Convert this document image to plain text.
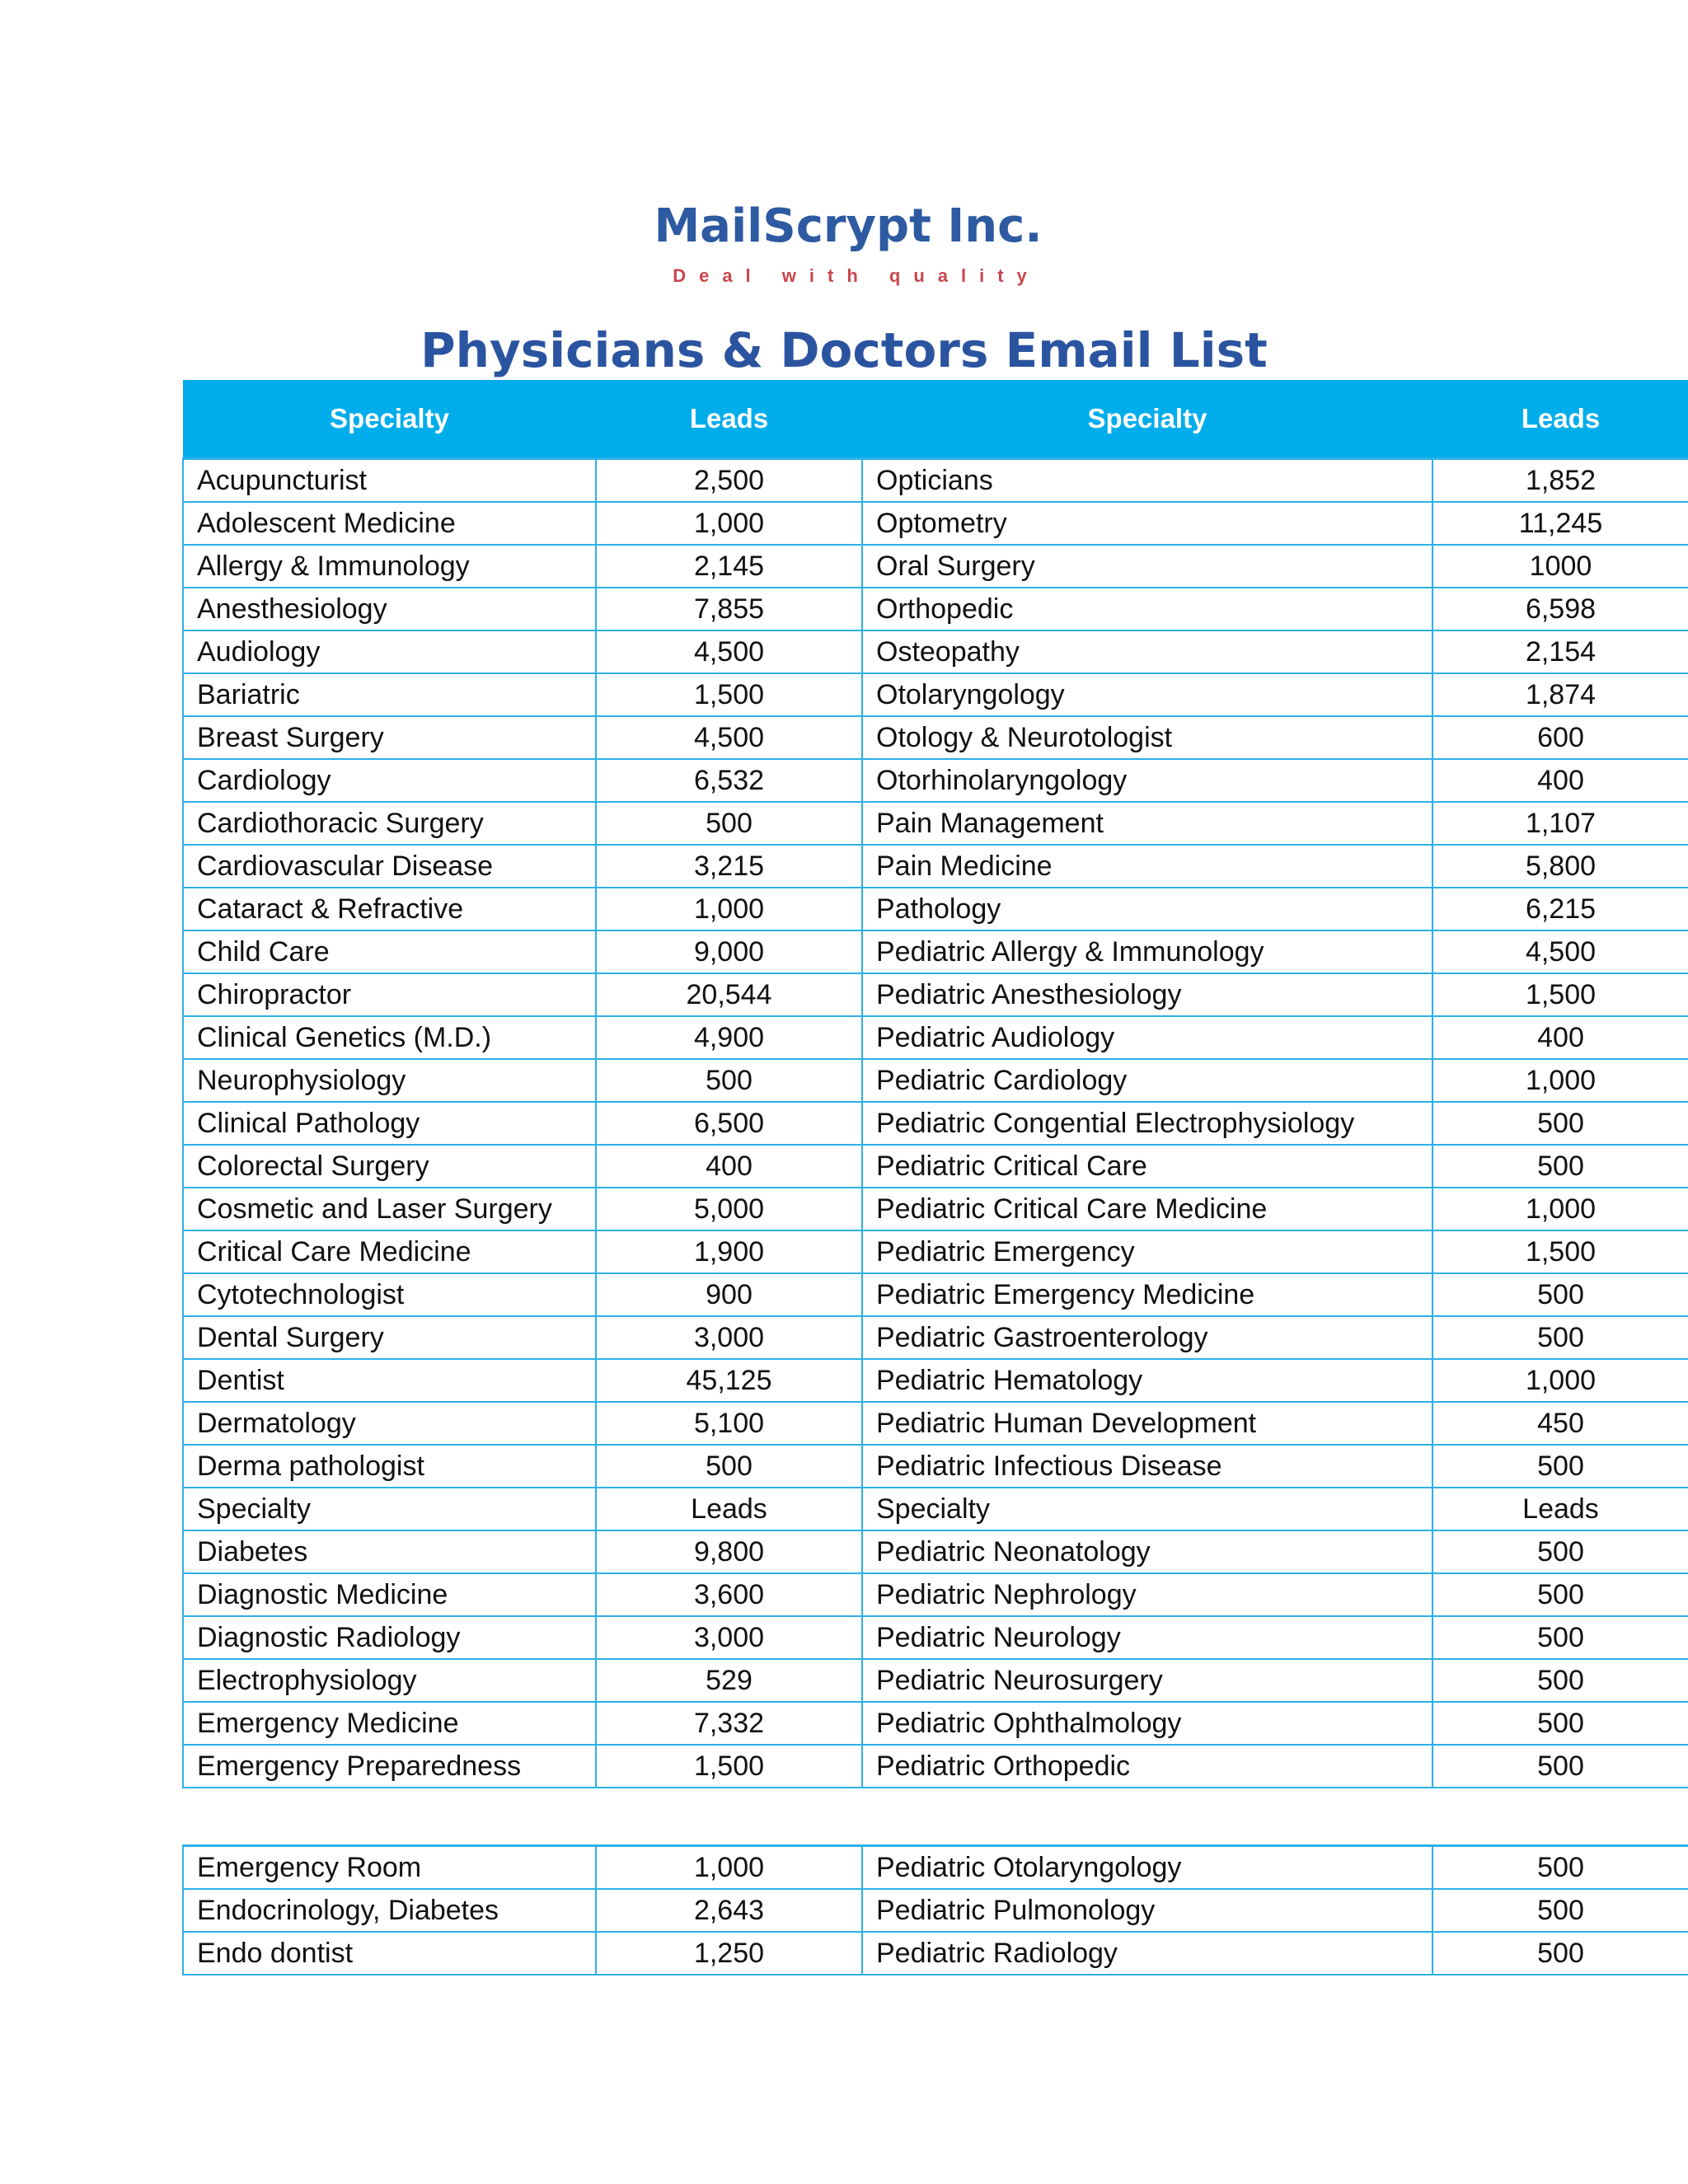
MailScrypt Inc.
Deal with quality
Physicians & Doctors Email List
Specialty	Leads	Specialty	Leads
Acupuncturist	2,500	Opticians	1,852
Adolescent Medicine	1,000	Optometry	11,245
Allergy & Immunology	2,145	Oral Surgery	1000
Anesthesiology	7,855	Orthopedic	6,598
Audiology	4,500	Osteopathy	2,154
Bariatric	1,500	Otolaryngology	1,874
Breast Surgery	4,500	Otology & Neurotologist	600
Cardiology	6,532	Otorhinolaryngology	400
Cardiothoracic Surgery	500	Pain Management	1,107
Cardiovascular Disease	3,215	Pain Medicine	5,800
Cataract & Refractive	1,000	Pathology	6,215
Child Care	9,000	Pediatric Allergy & Immunology	4,500
Chiropractor	20,544	Pediatric Anesthesiology	1,500
Clinical Genetics (M.D.)	4,900	Pediatric Audiology	400
Neurophysiology	500	Pediatric Cardiology	1,000
Clinical Pathology	6,500	Pediatric Congential Electrophysiology	500
Colorectal Surgery	400	Pediatric Critical Care	500
Cosmetic and Laser Surgery	5,000	Pediatric Critical Care Medicine	1,000
Critical Care Medicine	1,900	Pediatric Emergency	1,500
Cytotechnologist	900	Pediatric Emergency Medicine	500
Dental Surgery	3,000	Pediatric Gastroenterology	500
Dentist	45,125	Pediatric Hematology	1,000
Dermatology	5,100	Pediatric Human Development	450
Derma pathologist	500	Pediatric Infectious Disease	500
Specialty	Leads	Specialty	Leads
Diabetes	9,800	Pediatric Neonatology	500
Diagnostic Medicine	3,600	Pediatric Nephrology	500
Diagnostic Radiology	3,000	Pediatric Neurology	500
Electrophysiology	529	Pediatric Neurosurgery	500
Emergency Medicine	7,332	Pediatric Ophthalmology	500
Emergency Preparedness	1,500	Pediatric Orthopedic	500
Emergency Room	1,000	Pediatric Otolaryngology	500
Endocrinology, Diabetes	2,643	Pediatric Pulmonology	500
Endo dontist	1,250	Pediatric Radiology	500
